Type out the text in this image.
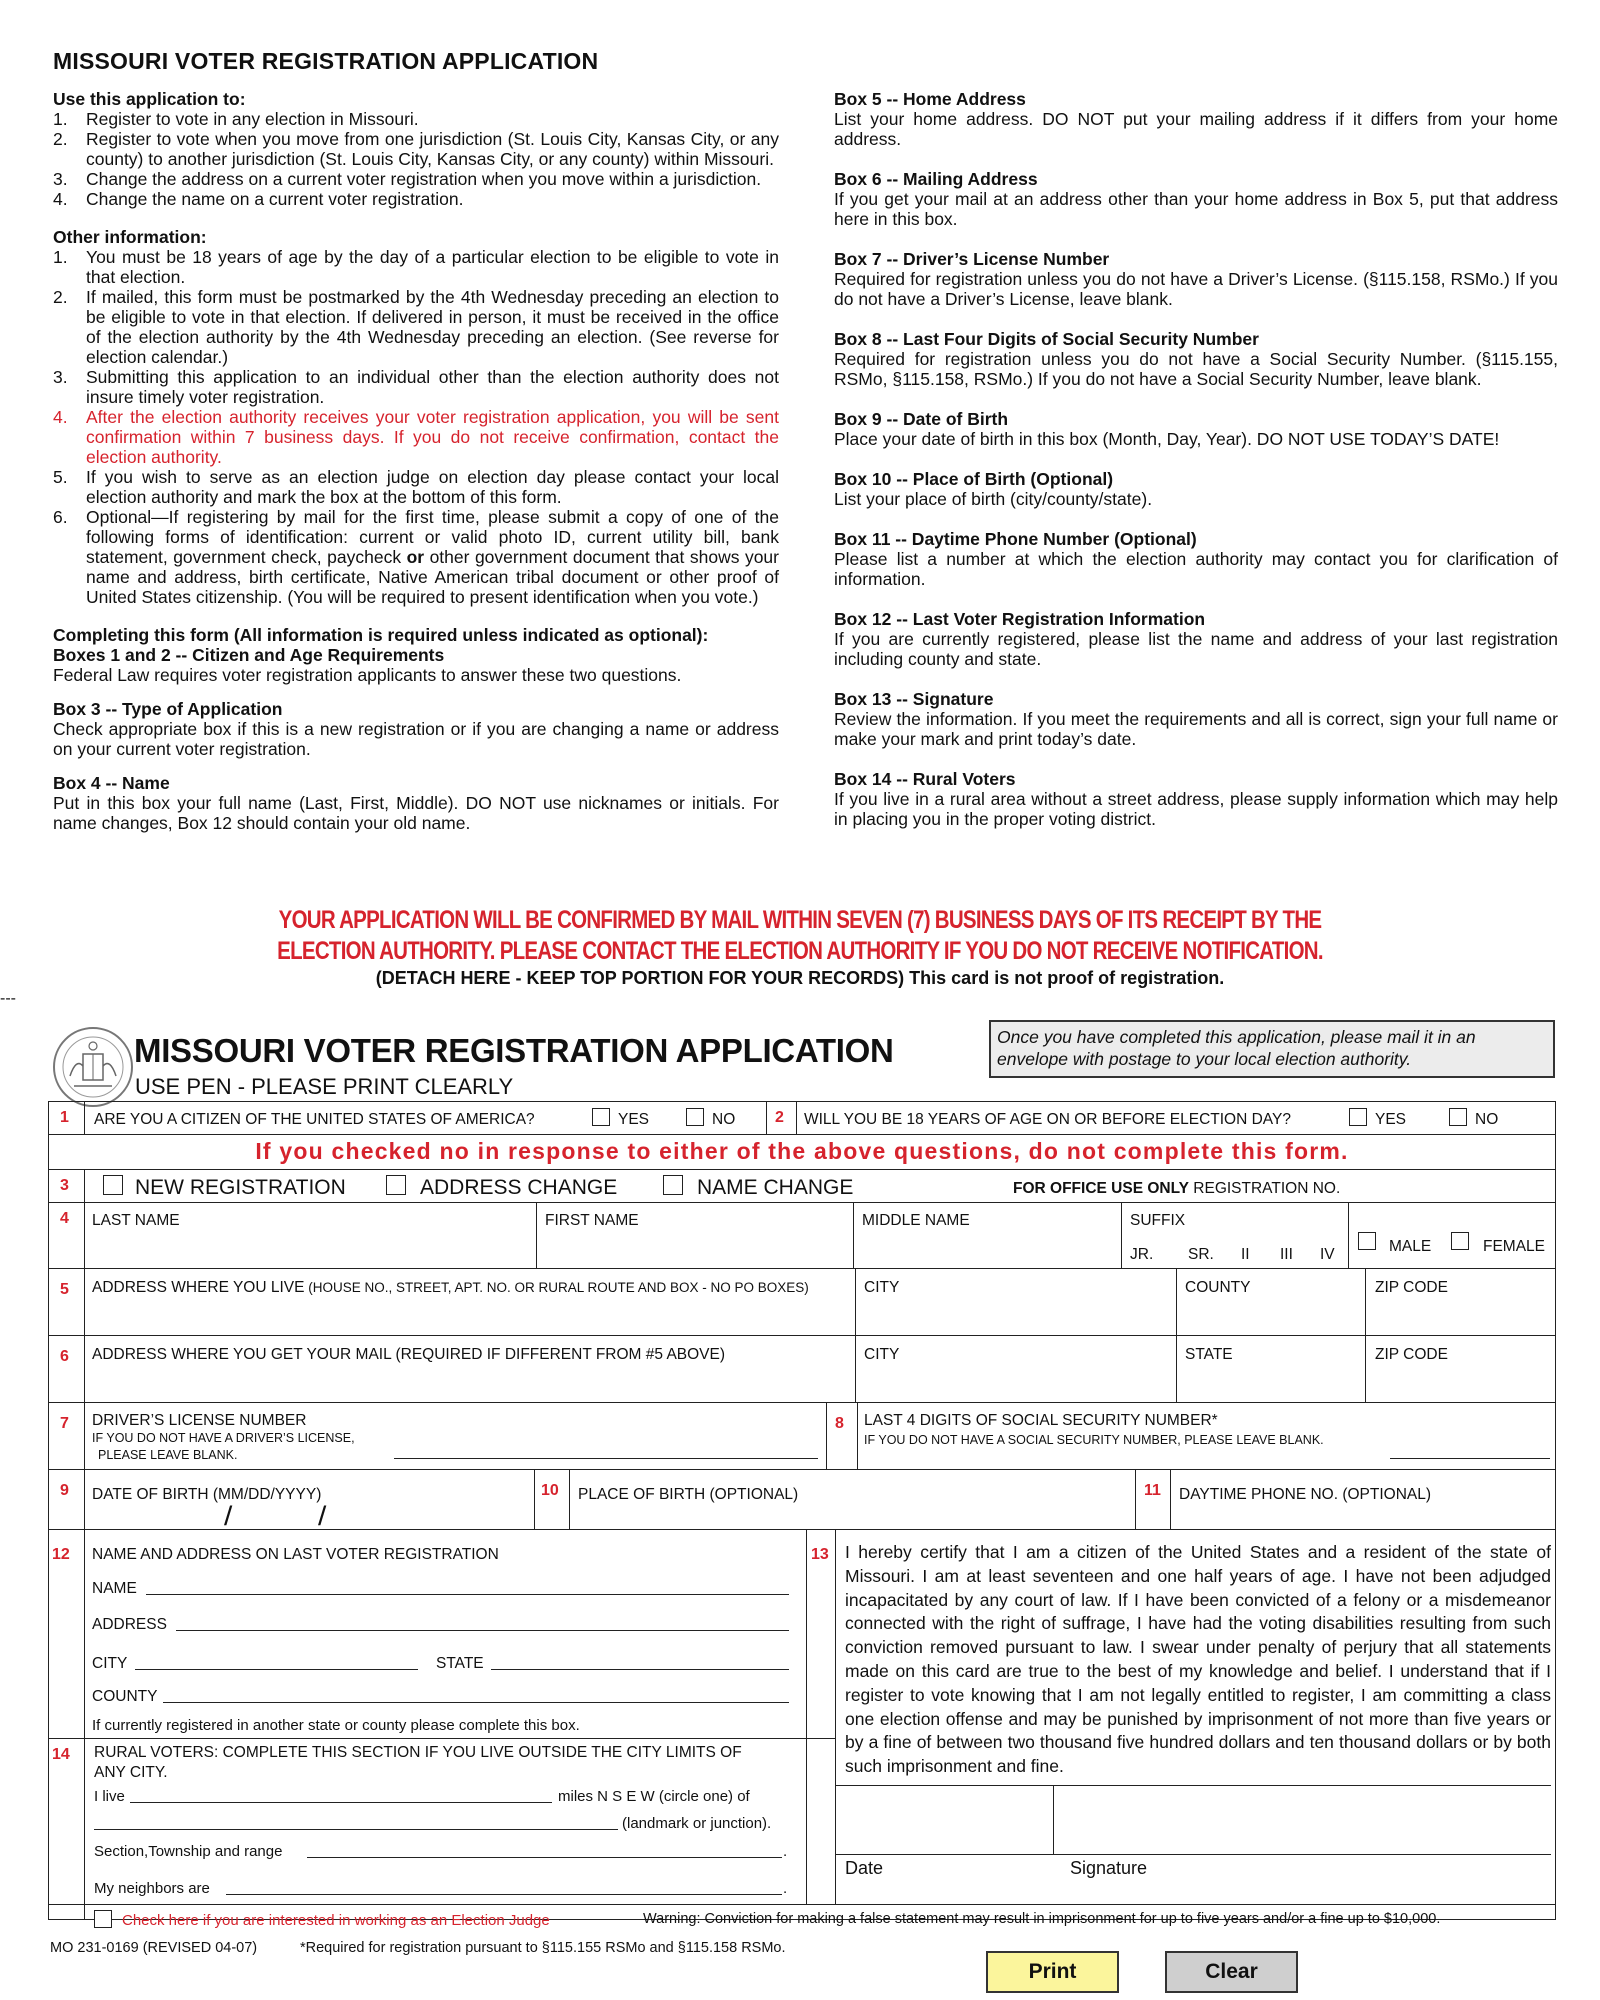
MISSOURI VOTER REGISTRATION APPLICATION
Use this application to:
1. Register to vote in any election in Missouri.
2. Register to vote when you move from one jurisdiction (St. Louis City, Kansas City, or any county) to another jurisdiction (St. Louis City, Kansas City, or any county) within Missouri.
3. Change the address on a current voter registration when you move within a jurisdiction.
4. Change the name on a current voter registration.
Other information:
1. You must be 18 years of age by the day of a particular election to be eligible to vote in that election.
2. If mailed, this form must be postmarked by the 4th Wednesday preceding an election to be eligible to vote in that election. If delivered in person, it must be received in the office of the election authority by the 4th Wednesday preceding an election. (See reverse for election calendar.)
3. Submitting this application to an individual other than the election authority does not insure timely voter registration.
4. After the election authority receives your voter registration application, you will be sent confirmation within 7 business days. If you do not receive confirmation, contact the election authority.
5. If you wish to serve as an election judge on election day please contact your local election authority and mark the box at the bottom of this form.
6. Optional—If registering by mail for the first time, please submit a copy of one of the following forms of identification: current or valid photo ID, current utility bill, bank statement, government check, paycheck or other government document that shows your name and address, birth certificate, Native American tribal document or other proof of United States citizenship. (You will be required to present identification when you vote.)
Completing this form (All information is required unless indicated as optional):
Boxes 1 and 2 -- Citizen and Age Requirements
Federal Law requires voter registration applicants to answer these two questions.
Box 3 -- Type of Application
Check appropriate box if this is a new registration or if you are changing a name or address on your current voter registration.
Box 4 -- Name
Put in this box your full name (Last, First, Middle). DO NOT use nicknames or initials. For name changes, Box 12 should contain your old name.
Box 5 -- Home Address
List your home address. DO NOT put your mailing address if it differs from your home address.
Box 6 -- Mailing Address
If you get your mail at an address other than your home address in Box 5, put that address here in this box.
Box 7 -- Driver’s License Number
Required for registration unless you do not have a Driver’s License. (§115.158, RSMo.) If you do not have a Driver’s License, leave blank.
Box 8 -- Last Four Digits of Social Security Number
Required for registration unless you do not have a Social Security Number. (§115.155, RSMo, §115.158, RSMo.) If you do not have a Social Security Number, leave blank.
Box 9 -- Date of Birth
Place your date of birth in this box (Month, Day, Year). DO NOT USE TODAY’S DATE!
Box 10 -- Place of Birth (Optional)
List your place of birth (city/county/state).
Box 11 -- Daytime Phone Number (Optional)
Please list a number at which the election authority may contact you for clarification of information.
Box 12 -- Last Voter Registration Information
If you are currently registered, please list the name and address of your last registration including county and state.
Box 13 -- Signature
Review the information. If you meet the requirements and all is correct, sign your full name or make your mark and print today’s date.
Box 14 -- Rural Voters
If you live in a rural area without a street address, please supply information which may help in placing you in the proper voting district.
YOUR APPLICATION WILL BE CONFIRMED BY MAIL WITHIN SEVEN (7) BUSINESS DAYS OF ITS RECEIPT BY THE
ELECTION AUTHORITY. PLEASE CONTACT THE ELECTION AUTHORITY IF YOU DO NOT RECEIVE NOTIFICATION.
(DETACH HERE - KEEP TOP PORTION FOR YOUR RECORDS) This card is not proof of registration.
---
MISSOURI VOTER REGISTRATION APPLICATION
USE PEN - PLEASE PRINT CLEARLY
Once you have completed this application, please mail it in an envelope with postage to your local election authority.
1 ARE YOU A CITIZEN OF THE UNITED STATES OF AMERICA?	YES	NO 2 WILL YOU BE 18 YEARS OF AGE ON OR BEFORE ELECTION DAY?	YES	NO
If you checked no in response to either of the above questions, do not complete this form.
3	NEW REGISTRATION	ADDRESS CHANGE	NAME CHANGE	FOR OFFICE USE ONLY REGISTRATION NO.
4 LAST NAME	FIRST NAME	MIDDLE NAME	SUFFIX
JR. SR. II III IV	MALE	FEMALE
5 ADDRESS WHERE YOU LIVE (HOUSE NO., STREET, APT. NO. OR RURAL ROUTE AND BOX - NO PO BOXES)	CITY	COUNTY	ZIP CODE
6 ADDRESS WHERE YOU GET YOUR MAIL (REQUIRED IF DIFFERENT FROM #5 ABOVE)	CITY	STATE	ZIP CODE
7 DRIVER’S LICENSE NUMBER
IF YOU DO NOT HAVE A DRIVER’S LICENSE,
PLEASE LEAVE BLANK.
8 LAST 4 DIGITS OF SOCIAL SECURITY NUMBER*
IF YOU DO NOT HAVE A SOCIAL SECURITY NUMBER, PLEASE LEAVE BLANK.
9 DATE OF BIRTH (MM/DD/YYYY)
/	/
10 PLACE OF BIRTH (OPTIONAL)	11 DAYTIME PHONE NO. (OPTIONAL)
12 NAME AND ADDRESS ON LAST VOTER REGISTRATION
NAME
ADDRESS
CITY	STATE
COUNTY
If currently registered in another state or county please complete this box.
13 I hereby certify that I am a citizen of the United States and a resident of the state of Missouri. I am at least seventeen and one half years of age. I have not been adjudged incapacitated by any court of law. If I have been convicted of a felony or a misdemeanor connected with the right of suffrage, I have had the voting disabilities resulting from such conviction removed pursuant to law. I swear under penalty of perjury that all statements made on this card are true to the best of my knowledge and belief. I understand that if I register to vote knowing that I am not legally entitled to register, I am committing a class one election offense and may be punished by imprisonment of not more than five years or by a fine of between two thousand five hundred dollars and ten thousand dollars or by both such imprisonment and fine.
Date	Signature
14 RURAL VOTERS: COMPLETE THIS SECTION IF YOU LIVE OUTSIDE THE CITY LIMITS OF
ANY CITY.
I live	miles N S E W (circle one) of
(landmark or junction).
Section,Township and range	.
My neighbors are	.
Check here if you are interested in working as an Election Judge	Warning: Conviction for making a false statement may result in imprisonment for up to five years and/or a fine up to $10,000.
MO 231-0169 (REVISED 04-07)	*Required for registration pursuant to §115.155 RSMo and §115.158 RSMo.
Print	Clear
